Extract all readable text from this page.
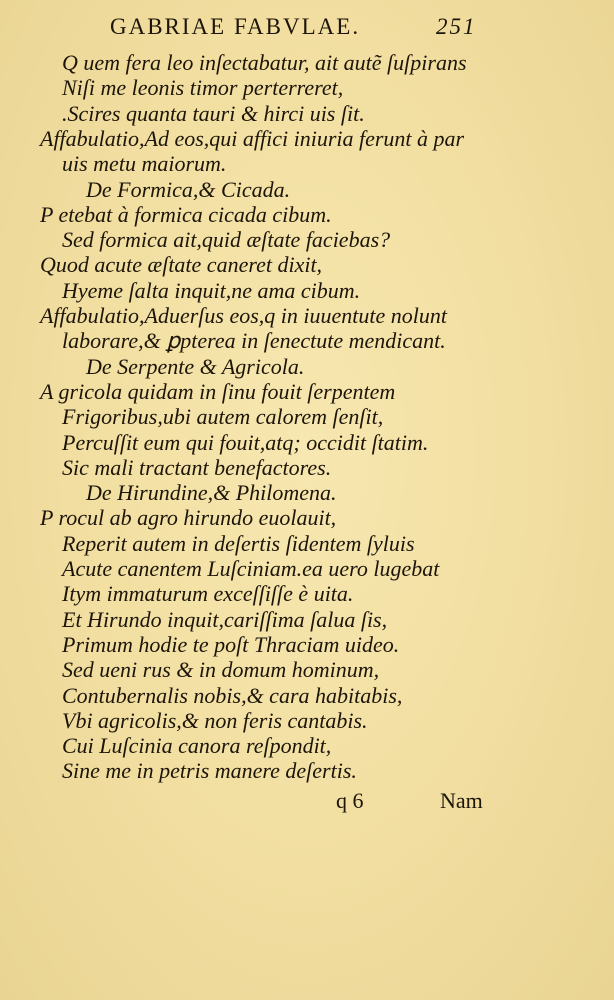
GABRIAE FABVLAE.	251
Q uem fera leo inſectabatur, ait autẽ ſuſpirans
Niſi me leonis timor perterreret,
.Scires quanta tauri & hirci uis ſit.
Affabulatio,Ad eos,qui affici iniuria ferunt à par
uis metu maiorum.
De Formica,& Cicada.
P etebat à formica cicada cibum.
Sed formica ait,quid æſtate faciebas?
Quod acute æſtate caneret dixit,
Hyeme ſalta inquit,ne ama cibum.
Affabulatio,Aduerſus eos,q in iuuentute nolunt
laborare,& ꝑpterea in ſenectute mendicant.
De Serpente & Agricola.
A gricola quidam in ſinu fouit ſerpentem
Frigoribus,ubi autem calorem ſenſit,
Percuſſit eum qui fouit,atq; occidit ſtatim.
Sic mali tractant benefactores.
De Hirundine,& Philomena.
P rocul ab agro hirundo euolauit,
Reperit autem in deſertis ſidentem ſyluis
Acute canentem Luſciniam.ea uero lugebat
Itym immaturum exceſſiſſe è uita.
Et Hirundo inquit,cariſſima ſalua ſis,
Primum hodie te poſt Thraciam uideo.
Sed ueni rus & in domum hominum,
Contubernalis nobis,& cara habitabis,
Vbi agricolis,& non feris cantabis.
Cui Luſcinia canora reſpondit,
Sine me in petris manere deſertis.
q 6	Nam
